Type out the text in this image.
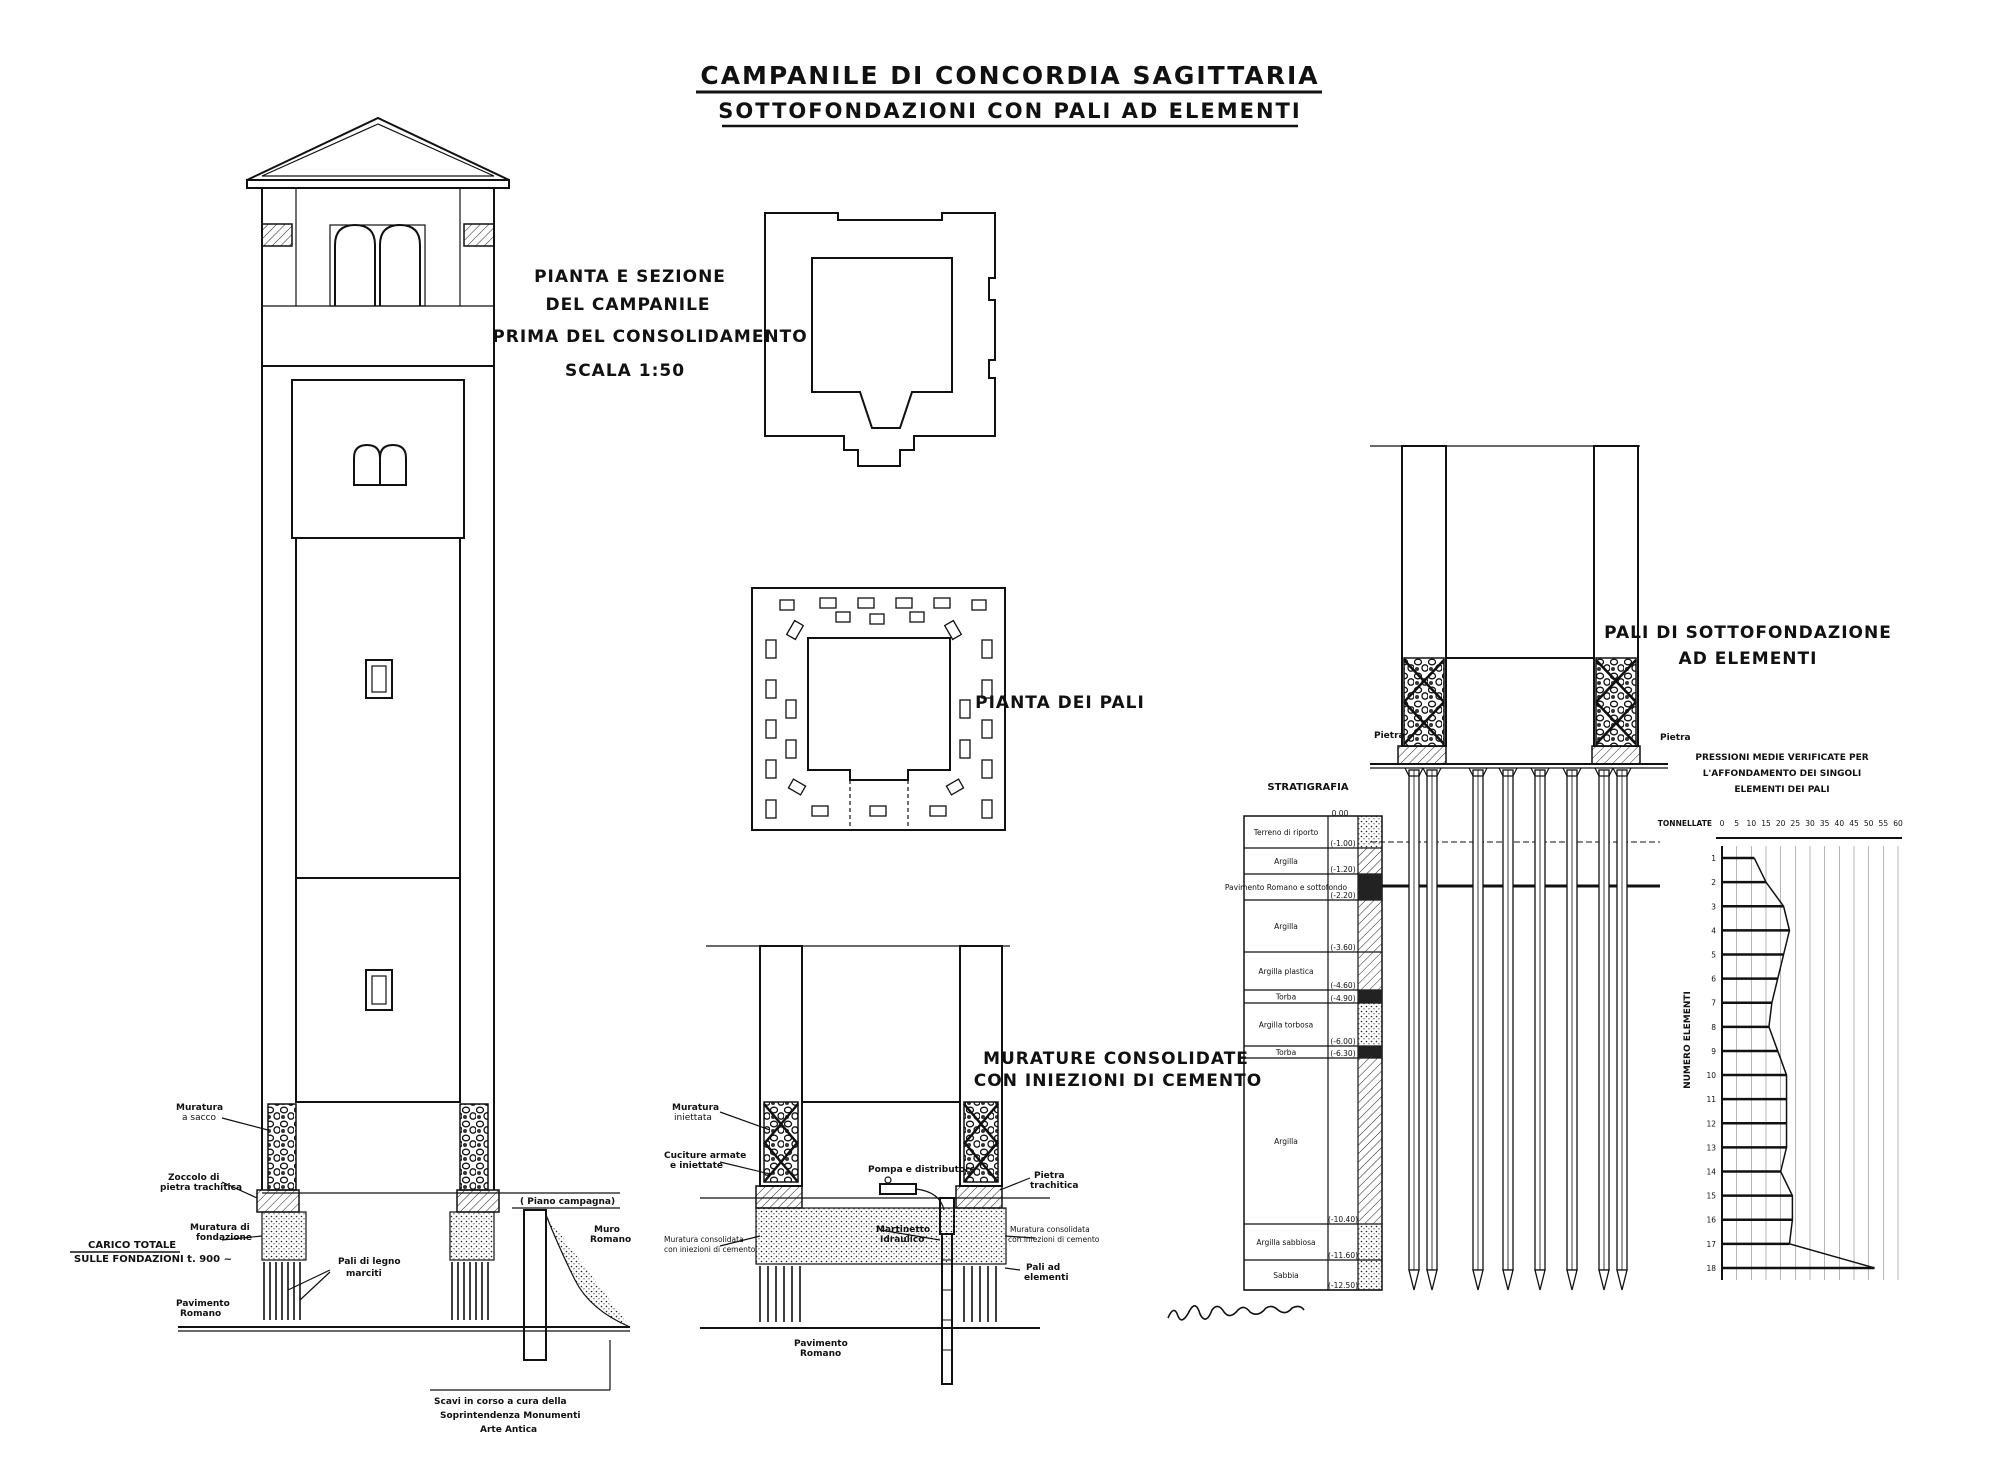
CAMPANILE DI CONCORDIA SAGITTARIA
SOTTOFONDAZIONI CON PALI AD ELEMENTI
Muratura
a sacco
Zoccolo di
pietra trachitica
Muratura di
fondazione
CARICO TOTALE
SULLE FONDAZIONI t. 900 ~
Pavimento
Romano
Pali di legno
marciti
( Piano campagna)
Muro
Romano
Scavi in corso a cura della
Soprintendenza Monumenti
Arte Antica
PIANTA E SEZIONE
DEL CAMPANILE
PRIMA DEL CONSOLIDAMENTO
SCALA 1:50
PIANTA DEI PALI
Muratura
iniettata
Cuciture armate
e iniettate	Pompa e distributore
Pietra
trachitica
Muratura consolidata
con iniezioni di cemento
Martinetto
Idraulico
Muratura consolidata
con iniezioni di cemento
Pali ad
elementi
Pavimento
Romano
MURATURE CONSOLIDATE
CON INIEZIONI DI CEMENTO
Pietra	Pietra
PALI DI SOTTOFONDAZIONE
AD ELEMENTI
STRATIGRAFIA
0.00
Terreno di riporto
(-1.00)
Argilla
(-1.20)
Pavimento Romano e sottofondo
(-2.20)
Argilla
(-3.60)
Argilla plastica
(-4.60)
Torba	(-4.90)
Argilla torbosa
(-6.00)
Torba	(-6.30)
Argilla
(-10.40)
Argilla sabbiosa
(-11.60)
Sabbia
(-12.50)
PRESSIONI MEDIE VERIFICATE PER
L'AFFONDAMENTO DEI SINGOLI
ELEMENTI DEI PALI
TONNELLATE 0 5 10 15 20 25 30 35 40 45 50 55 60
1
2
3
4
5
6
7
8
9
10
11
12
13
14
15
16
17
18
NUMERO ELEMENTI
ing. Francesconi
